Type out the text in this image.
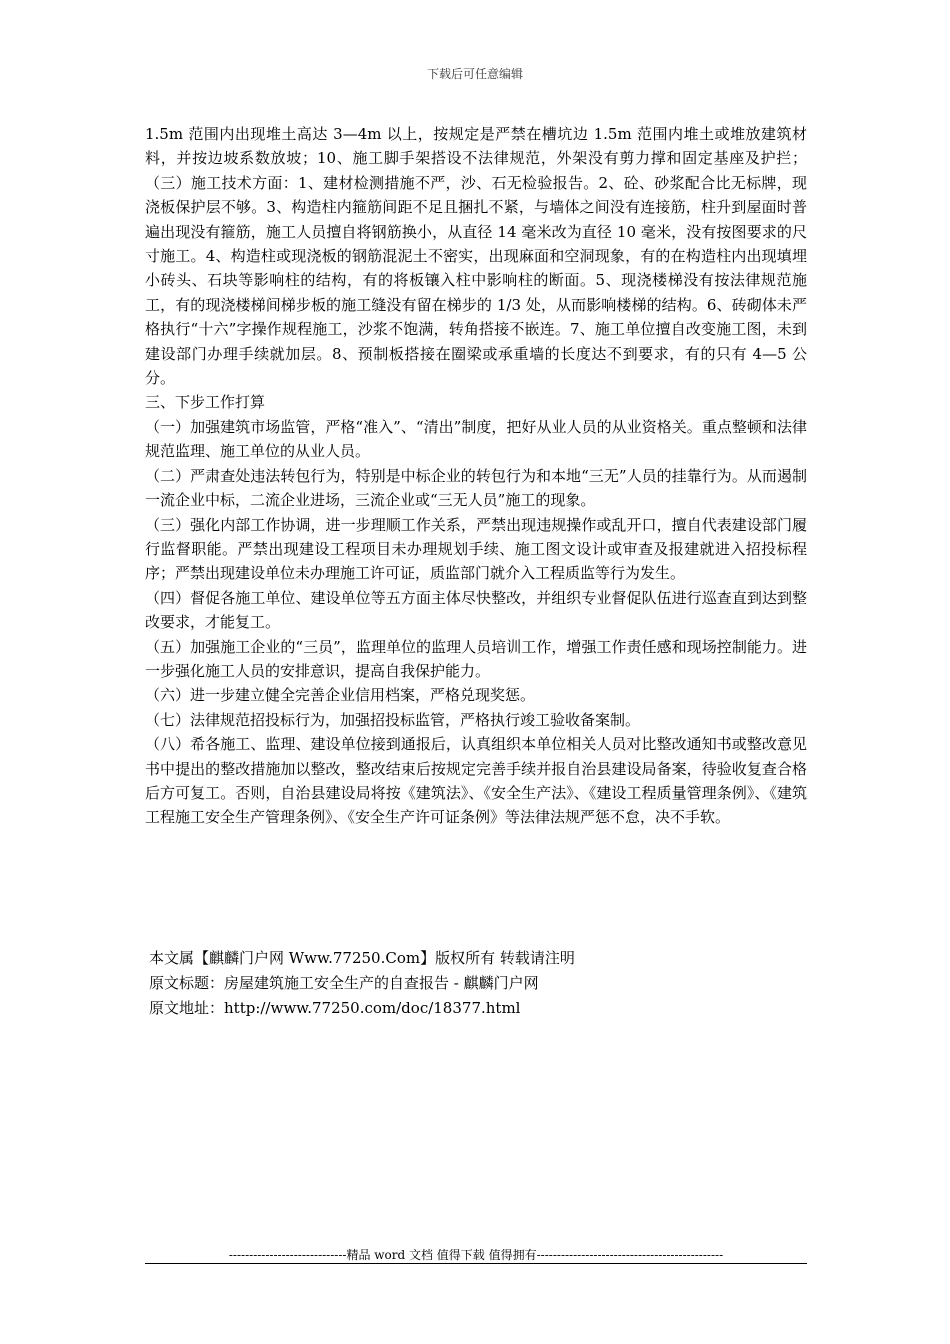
下载后可任意编辑

1.5m 范围内出现堆土高达 3—4m 以上，按规定是严禁在槽坑边 1.5m 范围内堆土或堆放建筑材料，并按边坡系数放坡；10、施工脚手架搭设不法律规范，外架没有剪力撑和固定基座及护拦；（三）施工技术方面：1、建材检测措施不严，沙、石无检验报告。2、砼、砂浆配合比无标牌，现浇板保护层不够。3、构造柱内箍筋间距不足且捆扎不紧，与墙体之间没有连接筋，柱升到屋面时普遍出现没有箍筋，施工人员擅自将钢筋换小，从直径 14 毫米改为直径 10 毫米，没有按图要求的尺寸施工。4、构造柱或现浇板的钢筋混泥土不密实，出现麻面和空洞现象，有的在构造柱内出现填埋小砖头、石块等影响柱的结构，有的将板镶入柱中影响柱的断面。5、现浇楼梯没有按法律规范施工，有的现浇楼梯间梯步板的施工缝没有留在梯步的 1/3 处，从而影响楼梯的结构。6、砖砌体未严格执行“十六”字操作规程施工，沙浆不饱满，转角搭接不嵌连。7、施工单位擅自改变施工图，未到建设部门办理手续就加层。8、预制板搭接在圈梁或承重墙的长度达不到要求，有的只有 4—5 公分。

三、下步工作打算

（一）加强建筑市场监管，严格“准入”、“清出”制度，把好从业人员的从业资格关。重点整顿和法律规范监理、施工单位的从业人员。

（二）严肃查处违法转包行为，特别是中标企业的转包行为和本地“三无”人员的挂靠行为。从而遏制一流企业中标，二流企业进场，三流企业或“三无人员”施工的现象。

（三）强化内部工作协调，进一步理顺工作关系，严禁出现违规操作或乱开口，擅自代表建设部门履行监督职能。严禁出现建设工程项目未办理规划手续、施工图文设计或审查及报建就进入招投标程序；严禁出现建设单位未办理施工许可证，质监部门就介入工程质监等行为发生。

（四）督促各施工单位、建设单位等五方面主体尽快整改，并组织专业督促队伍进行巡查直到达到整改要求，才能复工。

（五）加强施工企业的“三员”，监理单位的监理人员培训工作，增强工作责任感和现场控制能力。进一步强化施工人员的安排意识，提高自我保护能力。

（六）进一步建立健全完善企业信用档案，严格兑现奖惩。

（七）法律规范招投标行为，加强招投标监管，严格执行竣工验收备案制。

（八）希各施工、监理、建设单位接到通报后，认真组织本单位相关人员对比整改通知书或整改意见书中提出的整改措施加以整改，整改结束后按规定完善手续并报自治县建设局备案，待验收复查合格后方可复工。否则，自治县建设局将按《建筑法》、《安全生产法》、《建设工程质量管理条例》、《建筑工程施工安全生产管理条例》、《安全生产许可证条例》等法律法规严惩不怠，决不手软。

本文属【麒麟门户网 Www.77250.Com】版权所有 转载请注明

原文标题：房屋建筑施工安全生产的自查报告 - 麒麟门户网

原文地址：http://www.77250.com/doc/18377.html

-----------------------------精品 word 文档 值得下载 值得拥有----------------------------------------------
